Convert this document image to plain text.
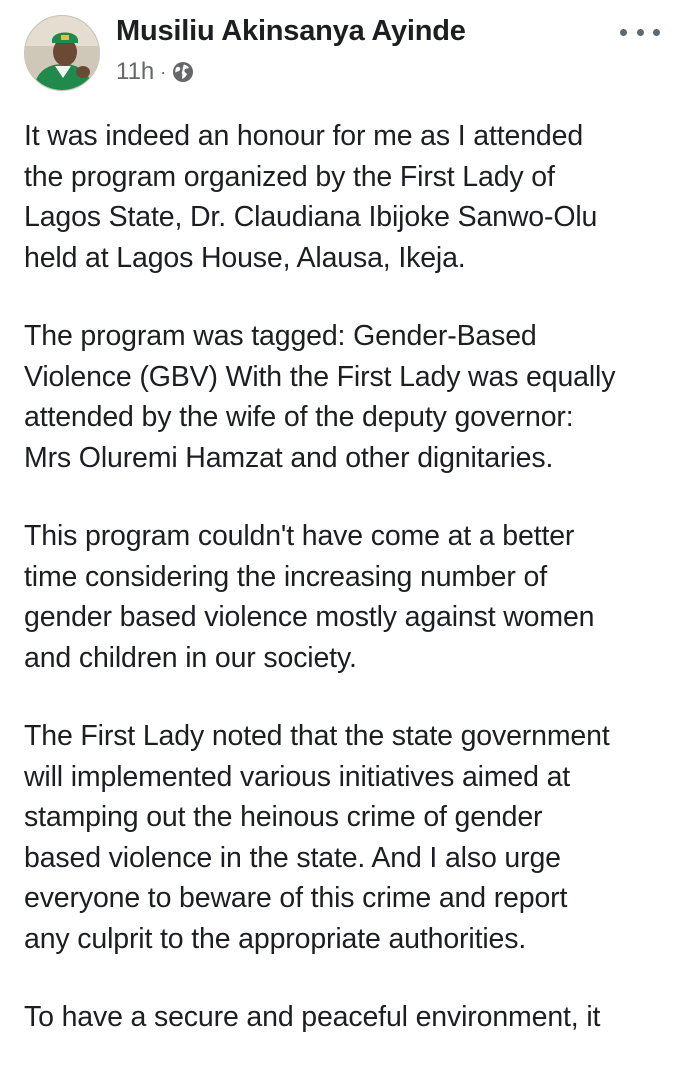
Musiliu Akinsanya Ayinde
11h ·

It was indeed an honour for me as I attended
the program organized by the First Lady of
Lagos State, Dr. Claudiana Ibijoke Sanwo-Olu
held at Lagos House, Alausa, Ikeja.

The program was tagged: Gender-Based
Violence (GBV) With the First Lady was equally
attended by the wife of the deputy governor:
Mrs Oluremi Hamzat and other dignitaries.

This program couldn't have come at a better
time considering the increasing number of
gender based violence mostly against women
and children in our society.

The First Lady noted that the state government
will implemented various initiatives aimed at
stamping out the heinous crime of gender
based violence in the state. And I also urge
everyone to beware of this crime and report
any culprit to the appropriate authorities.

To have a secure and peaceful environment, it
